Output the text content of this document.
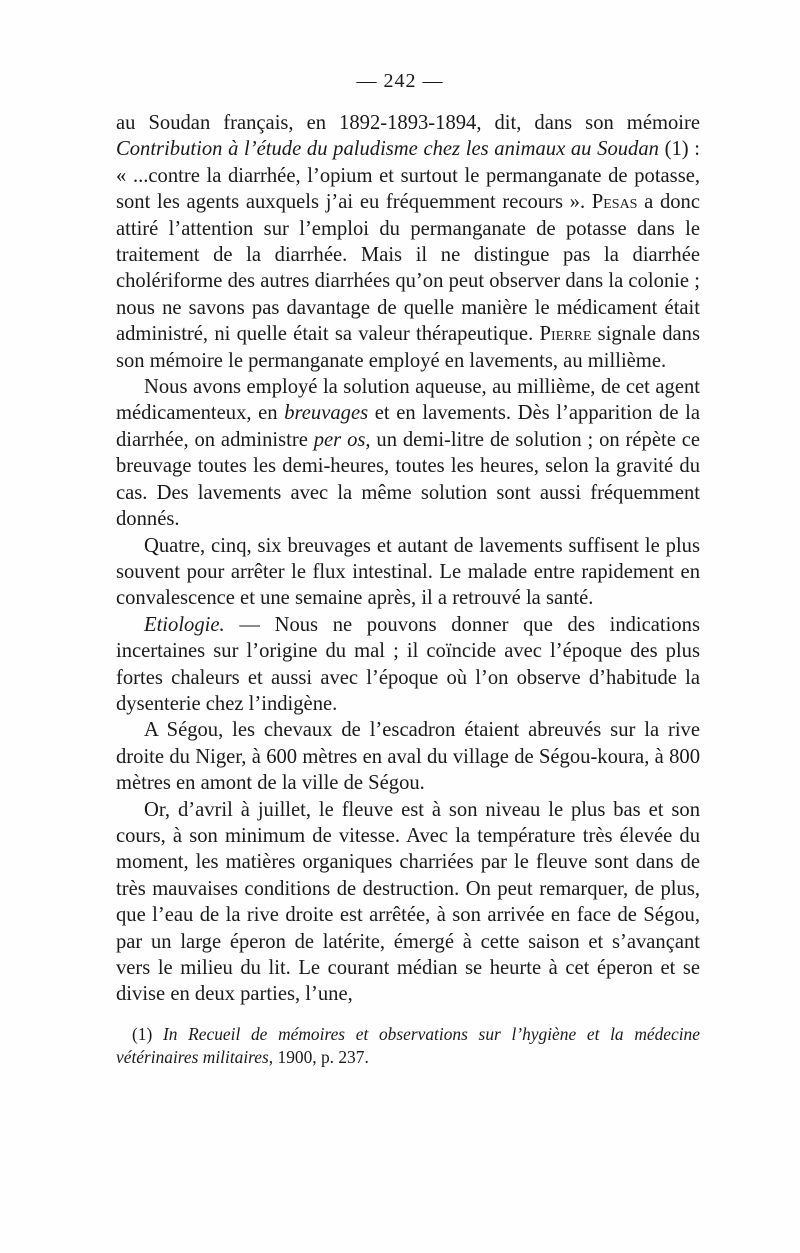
— 242 —

au Soudan français, en 1892-1893-1894, dit, dans son mémoire Contribution à l’étude du paludisme chez les animaux au Soudan (1) : « ...contre la diarrhée, l’opium et surtout le permanganate de potasse, sont les agents auxquels j’ai eu fréquemment recours ». Pesas a donc attiré l’attention sur l’emploi du permanganate de potasse dans le traitement de la diarrhée. Mais il ne distingue pas la diarrhée cholériforme des autres diarrhées qu’on peut observer dans la colonie ; nous ne savons pas davantage de quelle manière le médicament était administré, ni quelle était sa valeur thérapeutique. Pierre signale dans son mémoire le permanganate employé en lavements, au millième.

Nous avons employé la solution aqueuse, au millième, de cet agent médicamenteux, en breuvages et en lavements. Dès l’apparition de la diarrhée, on administre per os, un demi-litre de solution ; on répète ce breuvage toutes les demi-heures, toutes les heures, selon la gravité du cas. Des lavements avec la même solution sont aussi fréquemment donnés.

Quatre, cinq, six breuvages et autant de lavements suffisent le plus souvent pour arrêter le flux intestinal. Le malade entre rapidement en convalescence et une semaine après, il a retrouvé la santé.

Etiologie. — Nous ne pouvons donner que des indications incertaines sur l’origine du mal ; il coïncide avec l’époque des plus fortes chaleurs et aussi avec l’époque où l’on observe d’habitude la dysenterie chez l’indigène.

A Ségou, les chevaux de l’escadron étaient abreuvés sur la rive droite du Niger, à 600 mètres en aval du village de Ségou-koura, à 800 mètres en amont de la ville de Ségou.

Or, d’avril à juillet, le fleuve est à son niveau le plus bas et son cours, à son minimum de vitesse. Avec la température très élevée du moment, les matières organiques charriées par le fleuve sont dans de très mauvaises conditions de destruction. On peut remarquer, de plus, que l’eau de la rive droite est arrêtée, à son arrivée en face de Ségou, par un large éperon de latérite, émergé à cette saison et s’avançant vers le milieu du lit. Le courant médian se heurte à cet éperon et se divise en deux parties, l’une,

(1) In Recueil de mémoires et observations sur l’hygiène et la médecine vétérinaires militaires, 1900, p. 237.
